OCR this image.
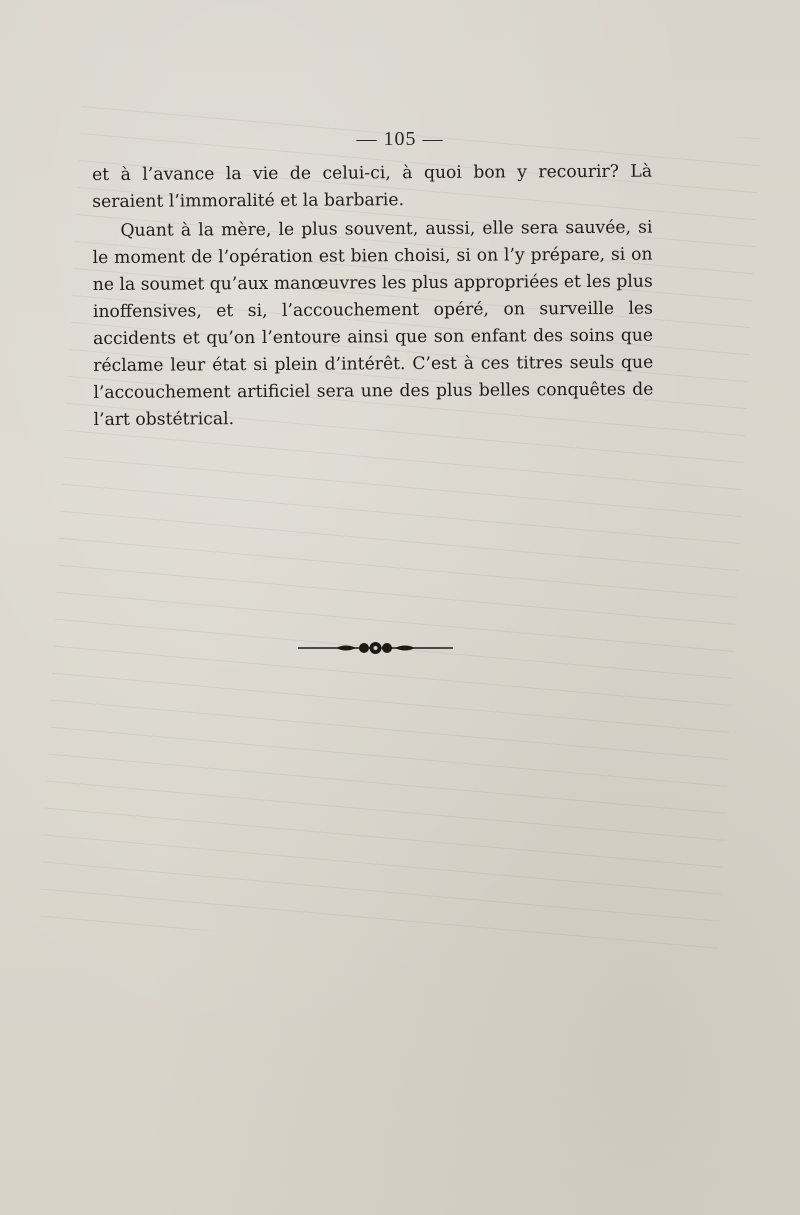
— 105 —

et à l’avance la vie de celui-ci, à quoi bon y recourir? Là seraient l’immoralité et la barbarie.

Quant à la mère, le plus souvent, aussi, elle sera sauvée, si le moment de l’opération est bien choisi, si on l’y prépare, si on ne la soumet qu’aux manœuvres les plus appropriées et les plus inoffensives, et si, l’accouchement opéré, on surveille les accidents et qu’on l’entoure ainsi que son enfant des soins que réclame leur état si plein d’intérêt. C’est à ces titres seuls que l’accouchement artificiel sera une des plus belles conquêtes de l’art obstétrical.
